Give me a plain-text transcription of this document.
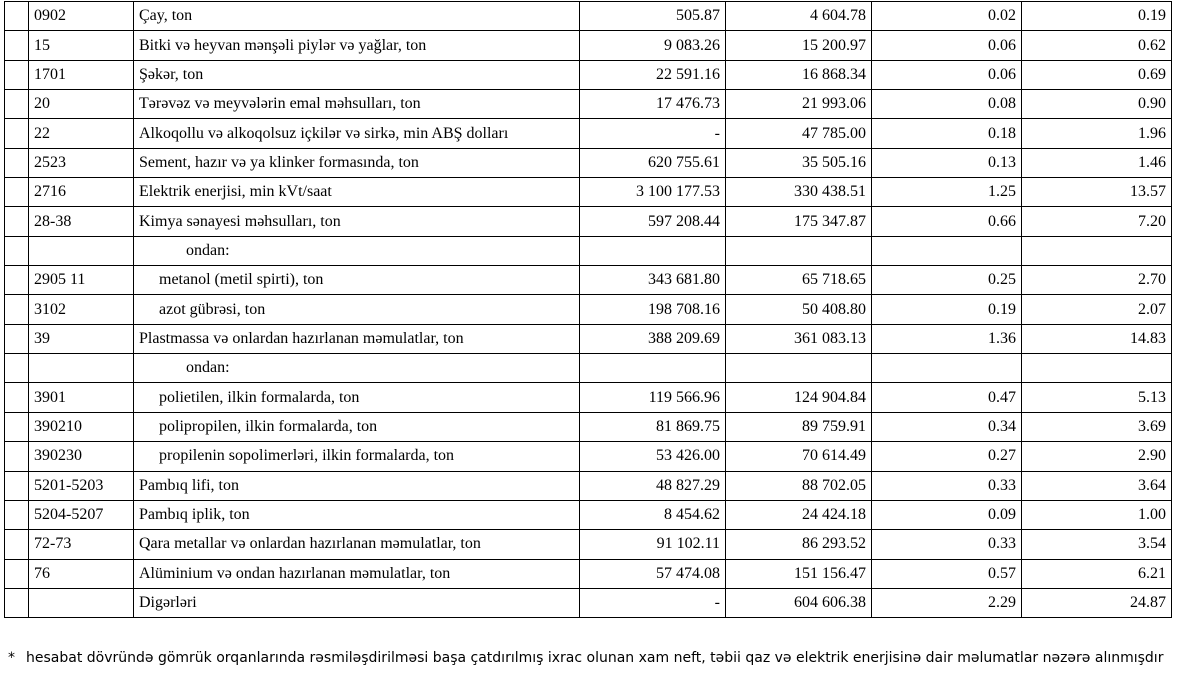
	0902	Çay, ton	505.87	4 604.78	0.02	0.19
	15	Bitki və heyvan mənşəli piylər və yağlar, ton	9 083.26	15 200.97	0.06	0.62
	1701	Şəkər, ton	22 591.16	16 868.34	0.06	0.69
	20	Tərəvəz və meyvələrin emal məhsulları, ton	17 476.73	21 993.06	0.08	0.90
	22	Alkoqollu və alkoqolsuz içkilər və sirkə, min ABŞ dolları	-	47 785.00	0.18	1.96
	2523	Sement, hazır və ya klinker formasında, ton	620 755.61	35 505.16	0.13	1.46
	2716	Elektrik enerjisi, min kVt/saat	3 100 177.53	330 438.51	1.25	13.57
	28-38	Kimya sənayesi məhsulları, ton	597 208.44	175 347.87	0.66	7.20
		ondan:				
	2905 11	metanol (metil spirti), ton	343 681.80	65 718.65	0.25	2.70
	3102	azot gübrəsi, ton	198 708.16	50 408.80	0.19	2.07
	39	Plastmassa və onlardan hazırlanan məmulatlar, ton	388 209.69	361 083.13	1.36	14.83
		ondan:				
	3901	polietilen, ilkin formalarda, ton	119 566.96	124 904.84	0.47	5.13
	390210	polipropilen, ilkin formalarda, ton	81 869.75	89 759.91	0.34	3.69
	390230	propilenin sopolimerləri, ilkin formalarda, ton	53 426.00	70 614.49	0.27	2.90
	5201-5203	Pambıq lifi, ton	48 827.29	88 702.05	0.33	3.64
	5204-5207	Pambıq iplik, ton	8 454.62	24 424.18	0.09	1.00
	72-73	Qara metallar və onlardan hazırlanan məmulatlar, ton	91 102.11	86 293.52	0.33	3.54
	76	Alüminium və ondan hazırlanan məmulatlar, ton	57 474.08	151 156.47	0.57	6.21
		Digərləri	-	604 606.38	2.29	24.87
* hesabat dövründə gömrük orqanlarında rəsmiləşdirilməsi başa çatdırılmış ixrac olunan xam neft, təbii qaz və elektrik enerjisinə dair məlumatlar nəzərə alınmışdır
